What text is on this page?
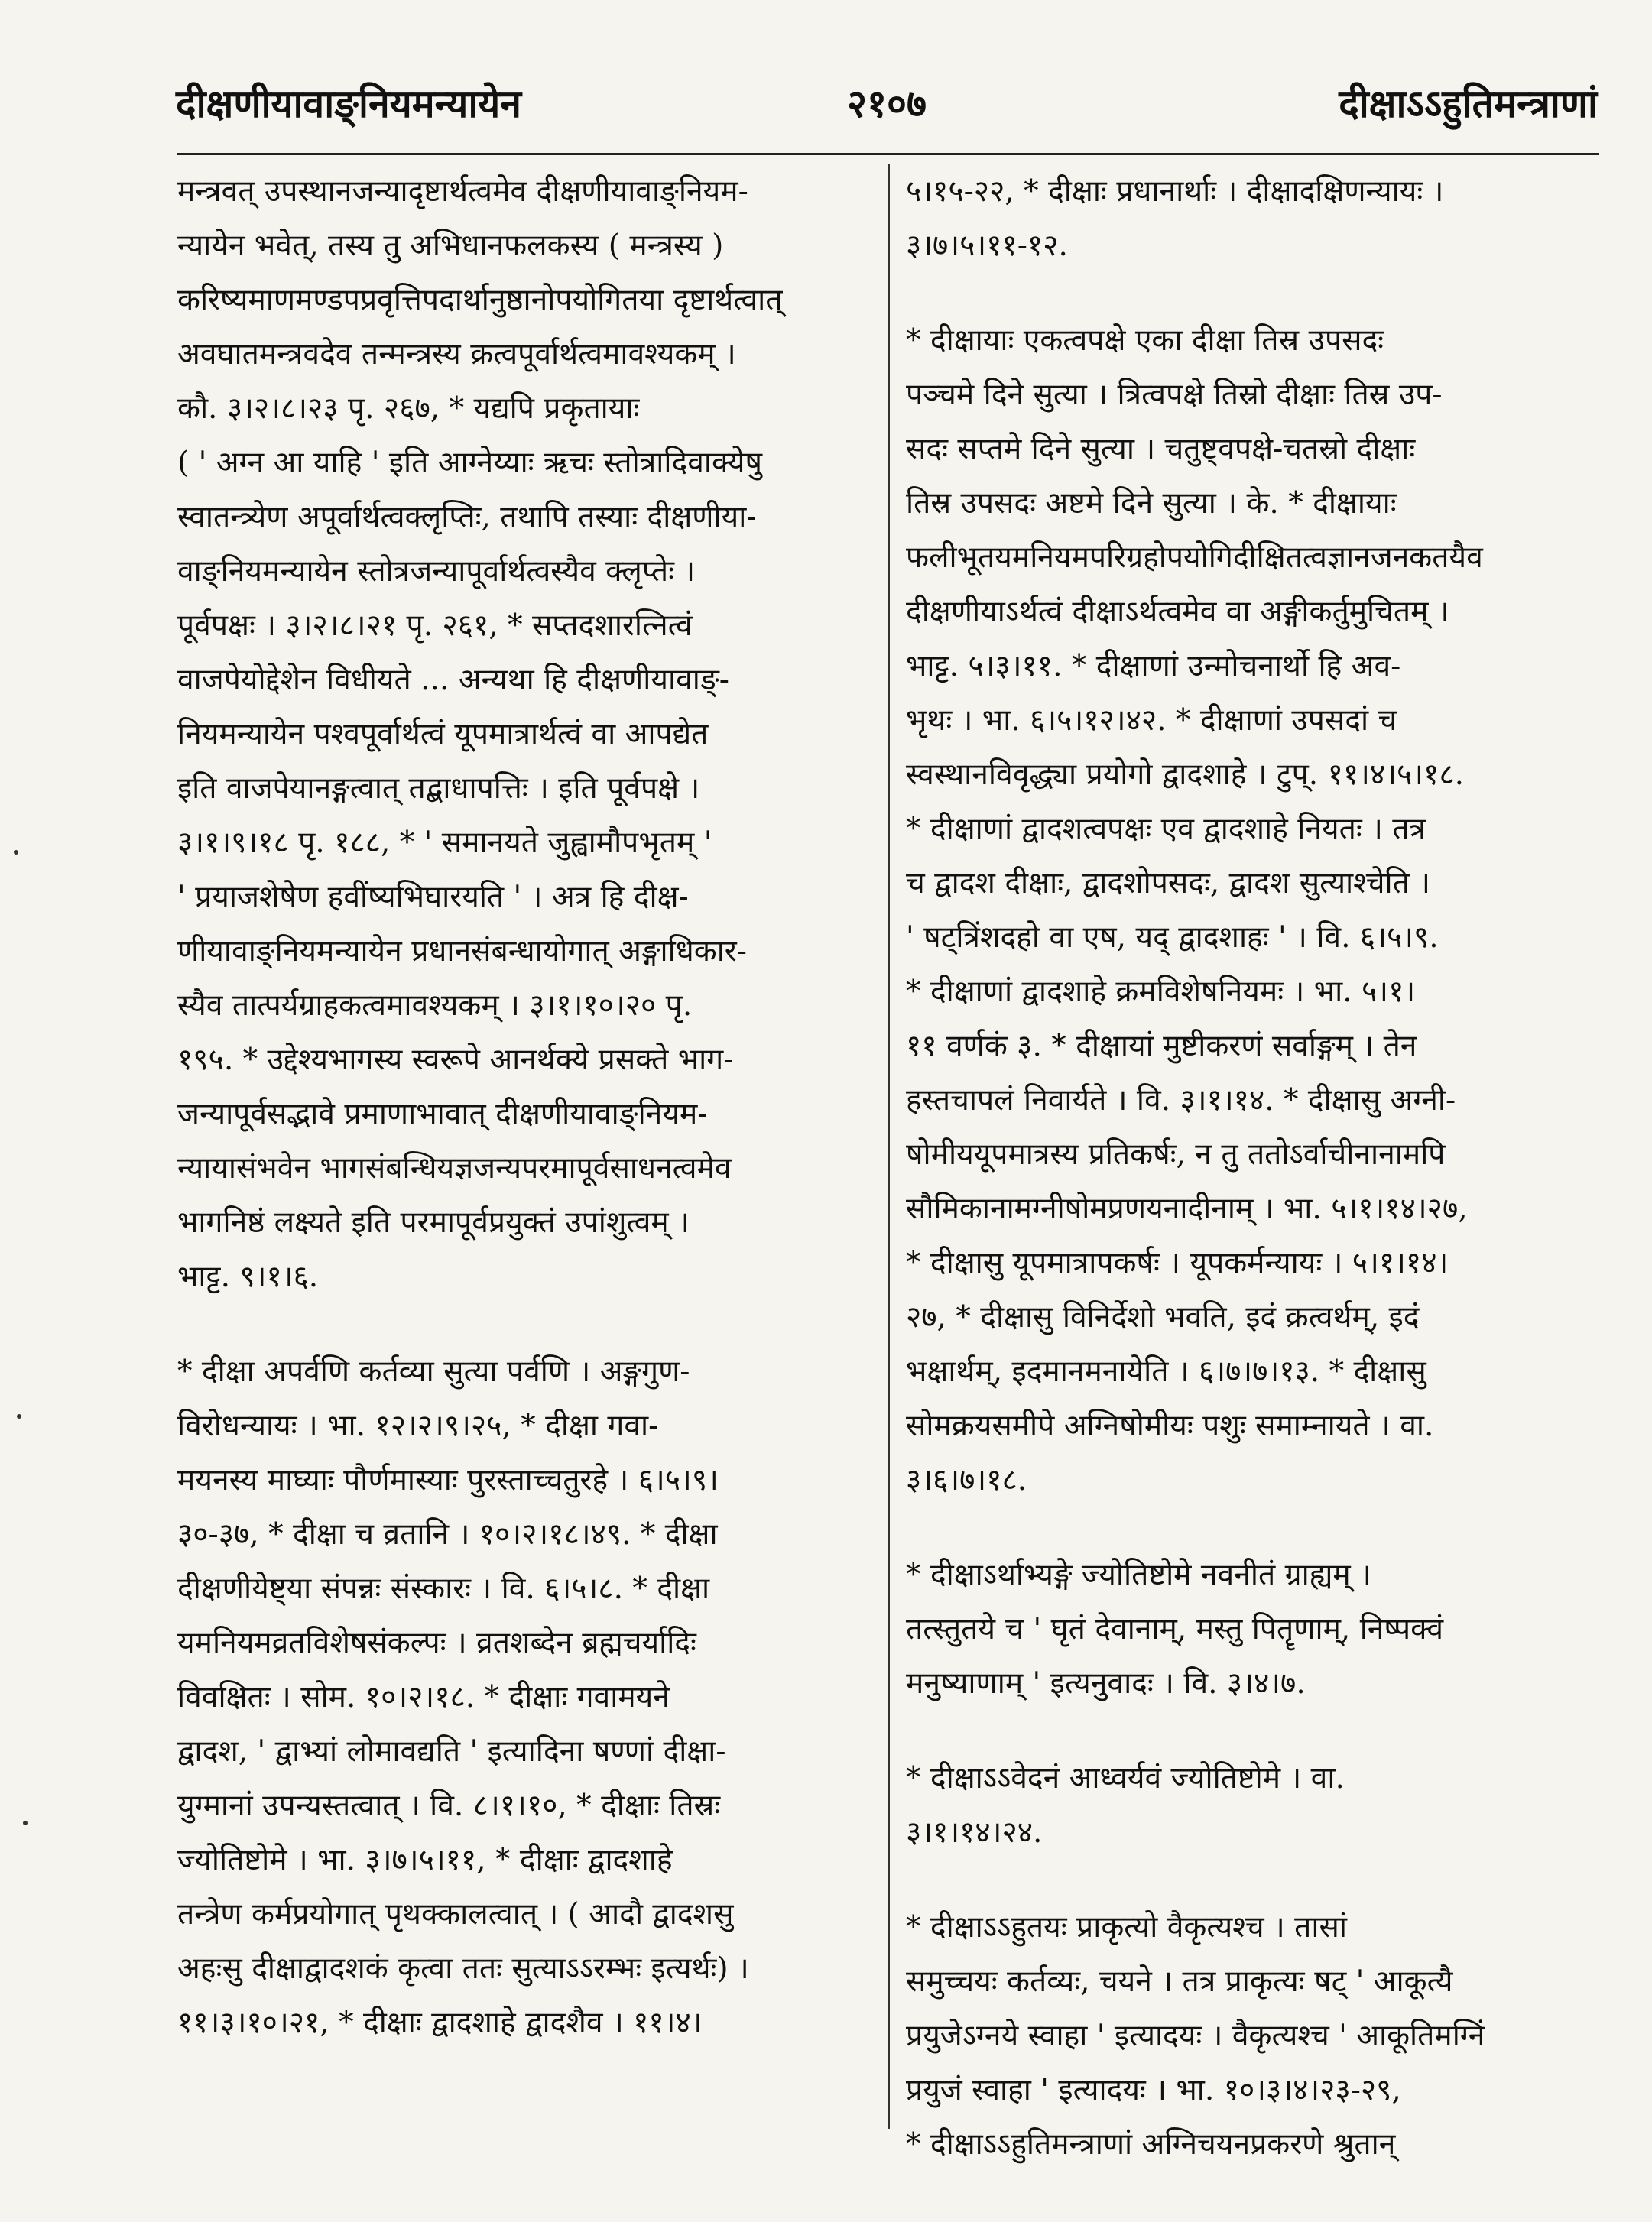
२१०७
दीक्षणीयावाङ्नियमन्यायेन	दीक्षाऽऽहुतिमन्त्राणां
मन्त्रवत् उपस्थानजन्यादृष्टार्थत्वमेव दीक्षणीयावाङ्नियम-
न्यायेन भवेत्, तस्य तु अभिधानफलकस्य ( मन्त्रस्य )
करिष्यमाणमण्डपप्रवृत्तिपदार्थानुष्ठानोपयोगितया दृष्टार्थत्वात्
अवघातमन्त्रवदेव तन्मन्त्रस्य क्रत्वपूर्वार्थत्वमावश्यकम् ।
कौ. ३।२।८।२३ पृ. २६७, * यद्यपि प्रकृतायाः
( ' अग्न आ याहि ' इति आग्नेय्याः ऋचः स्तोत्रादिवाक्येषु
स्वातन्त्र्येण अपूर्वार्थत्वक्लृप्तिः, तथापि तस्याः दीक्षणीया-
वाङ्नियमन्यायेन स्तोत्रजन्यापूर्वार्थत्वस्यैव क्लृप्तेः ।
पूर्वपक्षः । ३।२।८।२१ पृ. २६१, * सप्तदशारत्नित्वं
वाजपेयोद्देशेन विधीयते ... अन्यथा हि दीक्षणीयावाङ्-
नियमन्यायेन पश्वपूर्वार्थत्वं यूपमात्रार्थत्वं वा आपद्येत
इति वाजपेयानङ्गत्वात् तद्बाधापत्तिः । इति पूर्वपक्षे ।
३।१।९।१८ पृ. १८८, * ' समानयते जुह्वामौपभृतम् '
' प्रयाजशेषेण हवींष्यभिघारयति ' । अत्र हि दीक्ष-
णीयावाङ्नियमन्यायेन प्रधानसंबन्धायोगात् अङ्गाधिकार-
स्यैव तात्पर्यग्राहकत्वमावश्यकम् । ३।१।१०।२० पृ.
१९५. * उद्देश्यभागस्य स्वरूपे आनर्थक्ये प्रसक्ते भाग-
जन्यापूर्वसद्भावे प्रमाणाभावात् दीक्षणीयावाङ्नियम-
न्यायासंभवेन भागसंबन्धियज्ञजन्यपरमापूर्वसाधनत्वमेव
भागनिष्ठं लक्ष्यते इति परमापूर्वप्रयुक्तं उपांशुत्वम् ।
भाट्ट. ९।१।६.
* दीक्षा अपर्वणि कर्तव्या सुत्या पर्वणि । अङ्गगुण-
विरोधन्यायः । भा. १२।२।९।२५, * दीक्षा गवा-
मयनस्य माघ्याः पौर्णमास्याः पुरस्ताच्चतुरहे । ६।५।९।
३०-३७, * दीक्षा च व्रतानि । १०।२।१८।४९. * दीक्षा
दीक्षणीयेष्ट्या संपन्नः संस्कारः । वि. ६।५।८. * दीक्षा
यमनियमव्रतविशेषसंकल्पः । व्रतशब्देन ब्रह्मचर्यादिः
विवक्षितः । सोम. १०।२।१८. * दीक्षाः गवामयने
द्वादश, ' द्वाभ्यां लोमावद्यति ' इत्यादिना षण्णां दीक्षा-
युग्मानां उपन्यस्तत्वात् । वि. ८।१।१०, * दीक्षाः तिस्रः
ज्योतिष्टोमे । भा. ३।७।५।११, * दीक्षाः द्वादशाहे
तन्त्रेण कर्मप्रयोगात् पृथक्कालत्वात् । ( आदौ द्वादशसु
अहःसु दीक्षाद्वादशकं कृत्वा ततः सुत्याऽऽरम्भः इत्यर्थः) ।
११।३।१०।२१, * दीक्षाः द्वादशाहे द्वादशैव । ११।४।
५।१५-२२, * दीक्षाः प्रधानार्थाः । दीक्षादक्षिणन्यायः ।
३।७।५।११-१२.
* दीक्षायाः एकत्वपक्षे एका दीक्षा तिस्र उपसदः
पञ्चमे दिने सुत्या । त्रित्वपक्षे तिस्रो दीक्षाः तिस्र उप-
सदः सप्तमे दिने सुत्या । चतुष्ट्वपक्षे-चतस्रो दीक्षाः
तिस्र उपसदः अष्टमे दिने सुत्या । के. * दीक्षायाः
फलीभूतयमनियमपरिग्रहोपयोगिदीक्षितत्वज्ञानजनकतयैव
दीक्षणीयाऽर्थत्वं दीक्षाऽर्थत्वमेव वा अङ्गीकर्तुमुचितम् ।
भाट्ट. ५।३।११. * दीक्षाणां उन्मोचनार्थो हि अव-
भृथः । भा. ६।५।१२।४२. * दीक्षाणां उपसदां च
स्वस्थानविवृद्ध्या प्रयोगो द्वादशाहे । टुप्. ११।४।५।१८.
* दीक्षाणां द्वादशत्वपक्षः एव द्वादशाहे नियतः । तत्र
च द्वादश दीक्षाः, द्वादशोपसदः, द्वादश सुत्याश्चेति ।
' षट्त्रिंशदहो वा एष, यद् द्वादशाहः ' । वि. ६।५।९.
* दीक्षाणां द्वादशाहे क्रमविशेषनियमः । भा. ५।१।
११ वर्णकं ३. * दीक्षायां मुष्टीकरणं सर्वाङ्गम् । तेन
हस्तचापलं निवार्यते । वि. ३।१।१४. * दीक्षासु अग्नी-
षोमीययूपमात्रस्य प्रतिकर्षः, न तु ततोऽर्वाचीनानामपि
सौमिकानामग्नीषोमप्रणयनादीनाम् । भा. ५।१।१४।२७,
* दीक्षासु यूपमात्रापकर्षः । यूपकर्मन्यायः । ५।१।१४।
२७, * दीक्षासु विनिर्देशो भवति, इदं क्रत्वर्थम्, इदं
भक्षार्थम्, इदमानमनायेति । ६।७।७।१३. * दीक्षासु
सोमक्रयसमीपे अग्निषोमीयः पशुः समाम्नायते । वा.
३।६।७।१८.
* दीक्षाऽर्थाभ्यङ्गे ज्योतिष्टोमे नवनीतं ग्राह्यम् ।
तत्स्तुतये च ' घृतं देवानाम्, मस्तु पितॄणाम्, निष्पक्वं
मनुष्याणाम् ' इत्यनुवादः । वि. ३।४।७.
* दीक्षाऽऽवेदनं आध्वर्यवं ज्योतिष्टोमे । वा.
३।१।१४।२४.
* दीक्षाऽऽहुतयः प्राकृत्यो वैकृत्यश्च । तासां
समुच्चयः कर्तव्यः, चयने । तत्र प्राकृत्यः षट् ' आकूत्यै
प्रयुजेऽग्नये स्वाहा ' इत्यादयः । वैकृत्यश्च ' आकूतिमग्निं
प्रयुजं स्वाहा ' इत्यादयः । भा. १०।३।४।२३-२९,
* दीक्षाऽऽहुतिमन्त्राणां अग्निचयनप्रकरणे श्रुतान्
